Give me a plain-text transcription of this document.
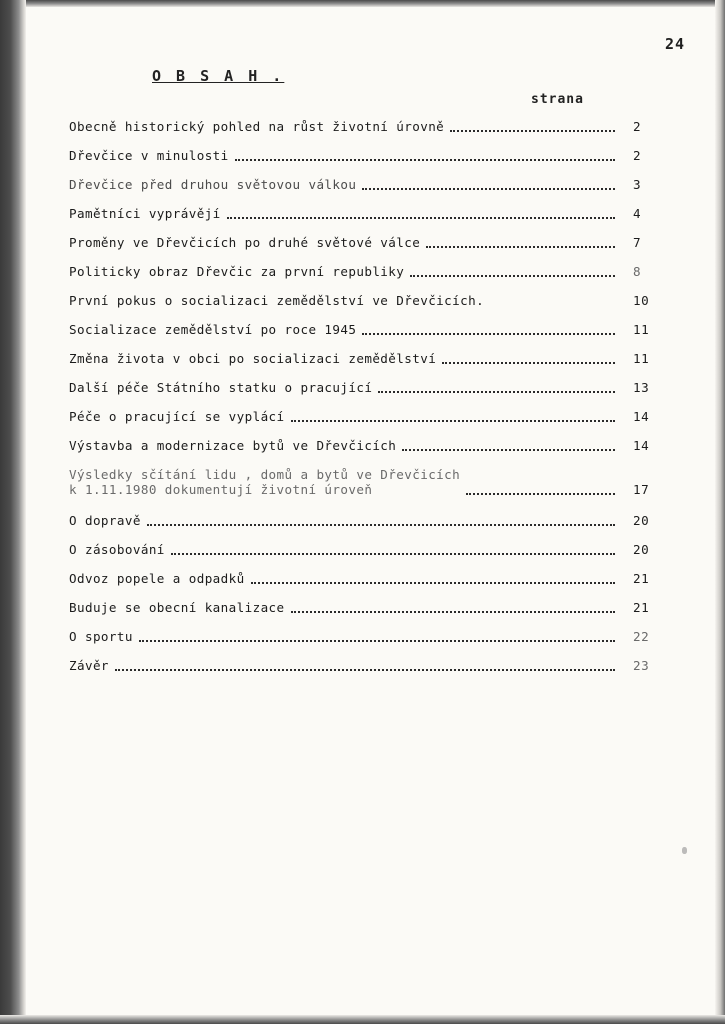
24
O B S A H .
strana
Obecně historický pohled na růst životní úrovně	2
Dřevčice v minulosti	2
Dřevčice před druhou světovou válkou	3
Pamětníci vyprávějí	4
Proměny ve Dřevčicích po druhé světové válce	7
Politicky obraz Dřevčic za první republiky	8
První pokus o socializaci zemědělství ve Dřevčicích.	10
Socializace zemědělství po roce 1945	11
Změna života v obci po socializaci zemědělství	11
Další péče Státního statku o pracující	13
Péče o pracující se vyplácí	14
Výstavba a modernizace bytů ve Dřevčicích	14
Výsledky sčítání lidu , domů a bytů ve Dřevčicích
k 1.11.1980 dokumentují životní úroveň	17
O dopravě	20
O zásobování	20
Odvoz popele a odpadků	21
Buduje se obecní kanalizace	21
O sportu	22
Závěr	23
